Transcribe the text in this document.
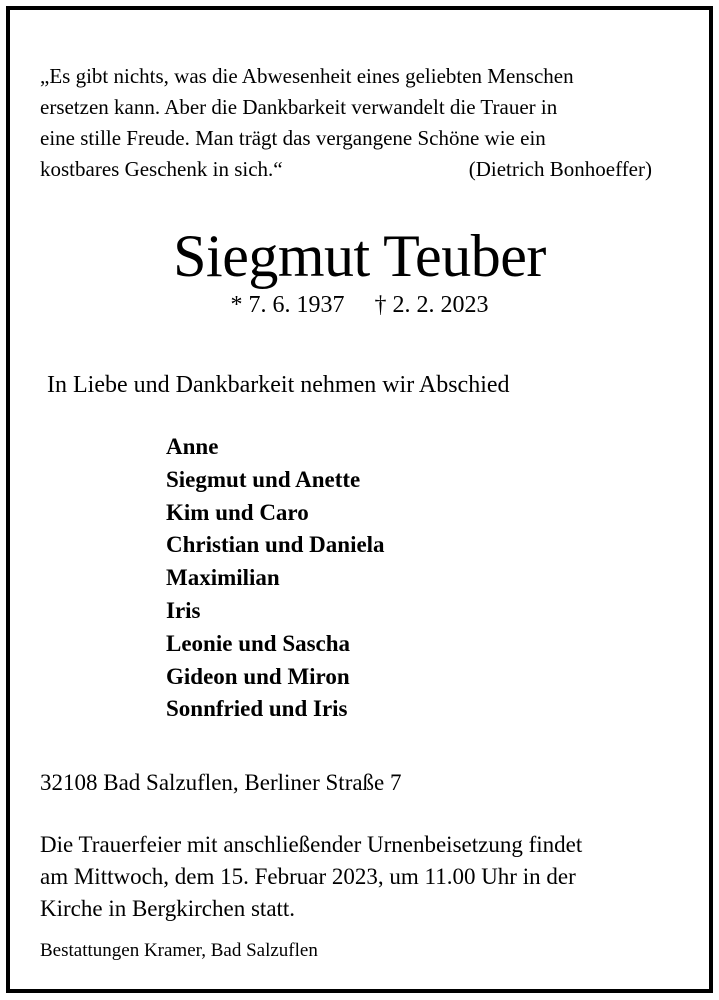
„Es gibt nichts, was die Abwesenheit eines geliebten Menschen
ersetzen kann. Aber die Dankbarkeit verwandelt die Trauer in
eine stille Freude. Man trägt das vergangene Schöne wie ein
kostbares Geschenk in sich.“	(Dietrich Bonhoeffer)
Siegmut Teuber
* 7. 6. 1937 † 2. 2. 2023
In Liebe und Dankbarkeit nehmen wir Abschied
Anne
Siegmut und Anette
Kim und Caro
Christian und Daniela
Maximilian
Iris
Leonie und Sascha
Gideon und Miron
Sonnfried und Iris
32108 Bad Salzuflen, Berliner Straße 7
Die Trauerfeier mit anschließender Urnenbeisetzung findet
am Mittwoch, dem 15. Februar 2023, um 11.00 Uhr in der
Kirche in Bergkirchen statt.
Bestattungen Kramer, Bad Salzuflen
